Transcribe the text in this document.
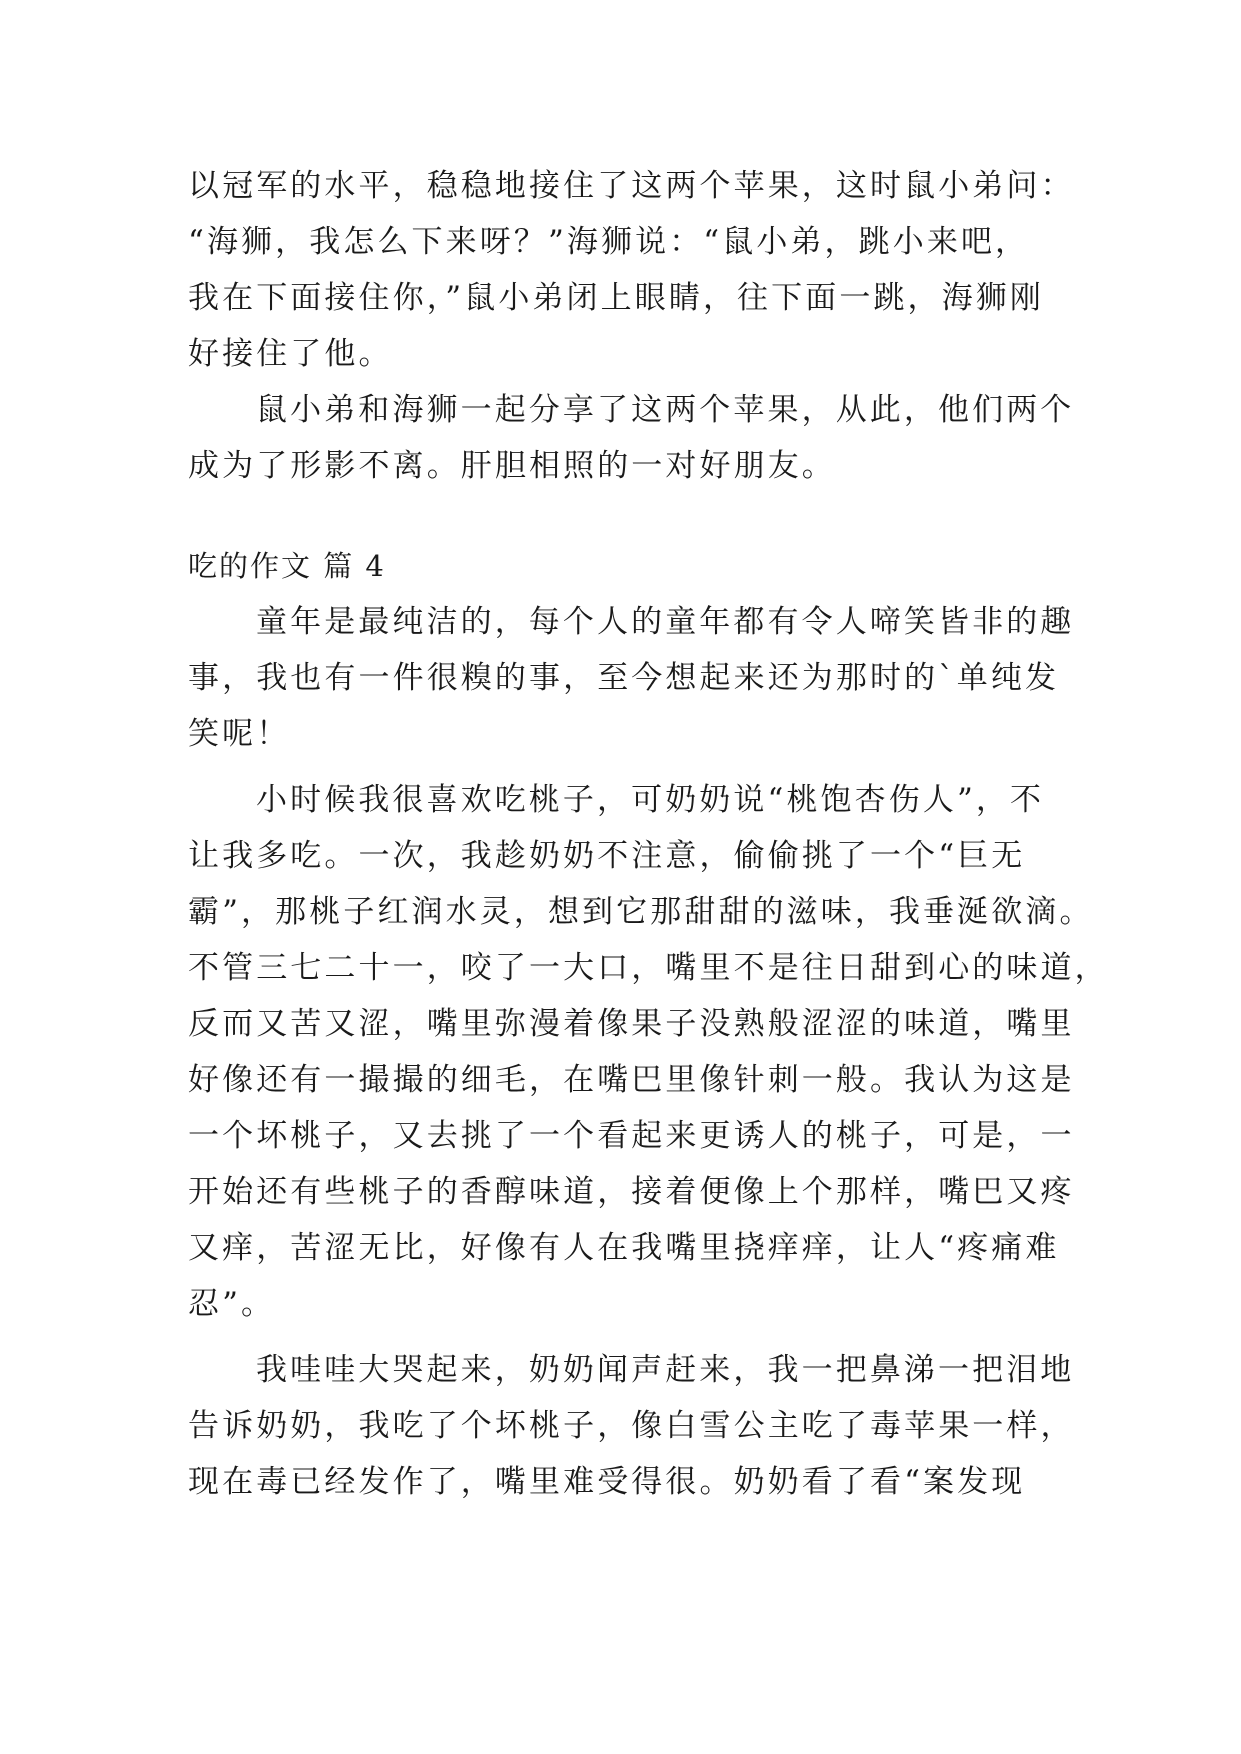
以冠军的水平，稳稳地接住了这两个苹果，这时鼠小弟问：
“海狮，我怎么下来呀？”海狮说：“鼠小弟，跳小来吧，
我在下面接住你，”鼠小弟闭上眼睛，往下面一跳，海狮刚
好接住了他。
鼠小弟和海狮一起分享了这两个苹果，从此，他们两个
成为了形影不离。肝胆相照的一对好朋友。
吃的作文 篇 4
童年是最纯洁的，每个人的童年都有令人啼笑皆非的趣
事，我也有一件很糗的事，至今想起来还为那时的`单纯发
笑呢！
小时候我很喜欢吃桃子，可奶奶说“桃饱杏伤人”，不
让我多吃。一次，我趁奶奶不注意，偷偷挑了一个“巨无
霸”，那桃子红润水灵，想到它那甜甜的滋味，我垂涎欲滴。
不管三七二十一，咬了一大口，嘴里不是往日甜到心的味道，
反而又苦又涩，嘴里弥漫着像果子没熟般涩涩的味道，嘴里
好像还有一撮撮的细毛，在嘴巴里像针刺一般。我认为这是
一个坏桃子，又去挑了一个看起来更诱人的桃子，可是，一
开始还有些桃子的香醇味道，接着便像上个那样，嘴巴又疼
又痒，苦涩无比，好像有人在我嘴里挠痒痒，让人“疼痛难
忍”。
我哇哇大哭起来，奶奶闻声赶来，我一把鼻涕一把泪地
告诉奶奶，我吃了个坏桃子，像白雪公主吃了毒苹果一样，
现在毒已经发作了，嘴里难受得很。奶奶看了看“案发现
